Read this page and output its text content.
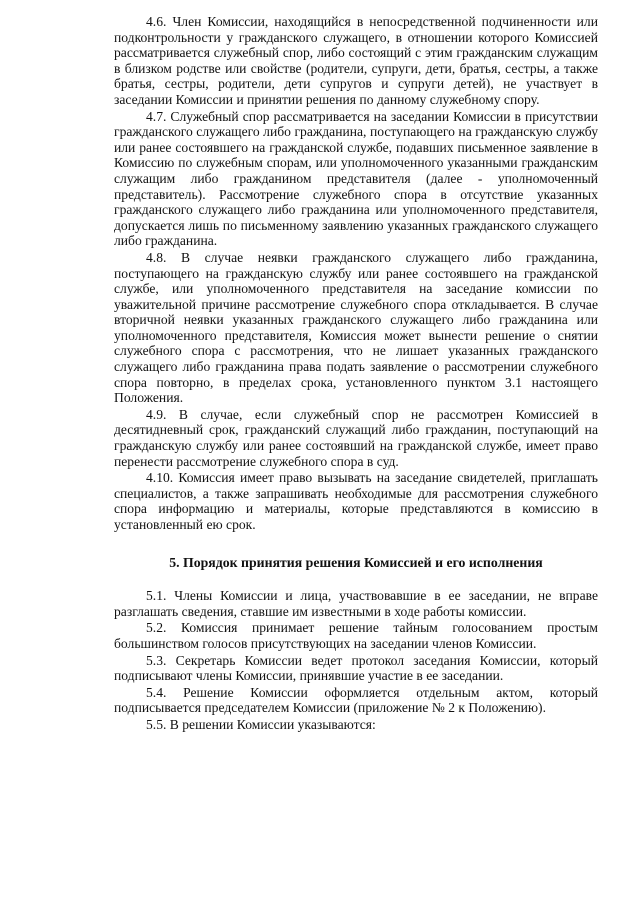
4.6. Член Комиссии, находящийся в непосредственной подчиненности или подконтрольности у гражданского служащего, в отношении которого Комиссией рассматривается служебный спор, либо состоящий с этим гражданским служащим в близком родстве или свойстве (родители, супруги, дети, братья, сестры, а также братья, сестры, родители, дети супругов и супруги детей), не участвует в заседании Комиссии и принятии решения по данному служебному спору.

4.7. Служебный спор рассматривается на заседании Комиссии в присутствии гражданского служащего либо гражданина, поступающего на гражданскую службу или ранее состоявшего на гражданской службе, подавших письменное заявление в Комиссию по служебным спорам, или уполномоченного указанными гражданским служащим либо гражданином представителя (далее - уполномоченный представитель). Рассмотрение служебного спора в отсутствие указанных гражданского служащего либо гражданина или уполномоченного представителя, допускается лишь по письменному заявлению указанных гражданского служащего либо гражданина.

4.8. В случае неявки гражданского служащего либо гражданина, поступающего на гражданскую службу или ранее состоявшего на гражданской службе, или уполномоченного представителя на заседание комиссии по уважительной причине рассмотрение служебного спора откладывается. В случае вторичной неявки указанных гражданского служащего либо гражданина или уполномоченного представителя, Комиссия может вынести решение о снятии служебного спора с рассмотрения, что не лишает указанных гражданского служащего либо гражданина права подать заявление о рассмотрении служебного спора повторно, в пределах срока, установленного пунктом 3.1 настоящего Положения.

4.9. В случае, если служебный спор не рассмотрен Комиссией в десятидневный срок, гражданский служащий либо гражданин, поступающий на гражданскую службу или ранее состоявший на гражданской службе, имеет право перенести рассмотрение служебного спора в суд.

4.10. Комиссия имеет право вызывать на заседание свидетелей, приглашать специалистов, а также запрашивать необходимые для рассмотрения служебного спора информацию и материалы, которые представляются в комиссию в установленный ею срок.

5. Порядок принятия решения Комиссией и его исполнения

5.1. Члены Комиссии и лица, участвовавшие в ее заседании, не вправе разглашать сведения, ставшие им известными в ходе работы комиссии.

5.2. Комиссия принимает решение тайным голосованием простым большинством голосов присутствующих на заседании членов Комиссии.

5.3. Секретарь Комиссии ведет протокол заседания Комиссии, который подписывают члены Комиссии, принявшие участие в ее заседании.

5.4. Решение Комиссии оформляется отдельным актом, который подписывается председателем Комиссии (приложение № 2 к Положению).

5.5. В решении Комиссии указываются:
